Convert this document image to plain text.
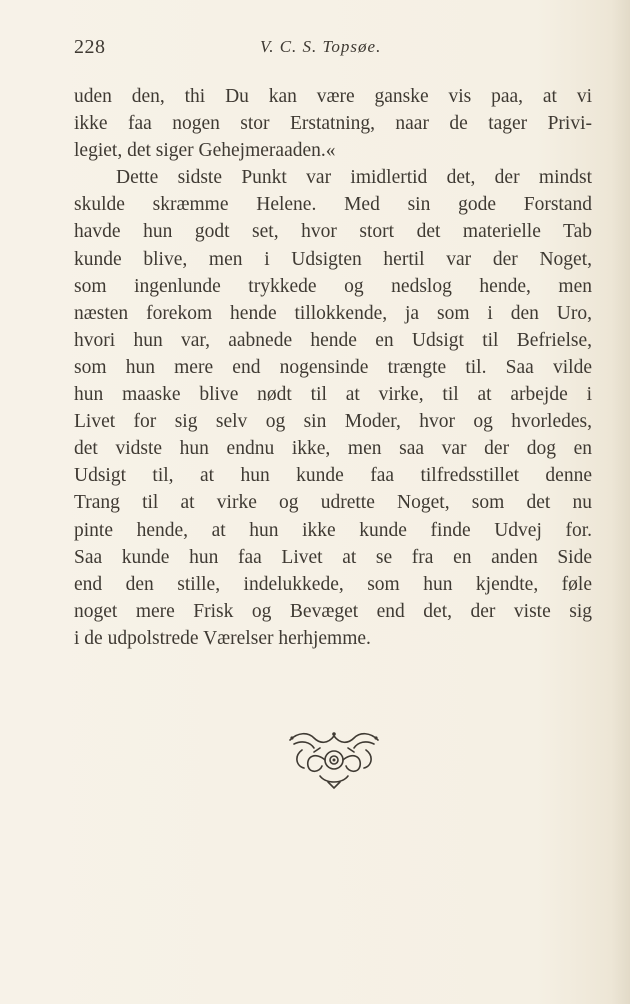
228	V. C. S. Topsøe.
uden den, thi Du kan være ganske vis paa, at vi
ikke faa nogen stor Erstatning, naar de tager Privi-
legiet, det siger Gehejmeraaden.«
Dette sidste Punkt var imidlertid det, der mindst
skulde skræmme Helene. Med sin gode Forstand
havde hun godt set, hvor stort det materielle Tab
kunde blive, men i Udsigten hertil var der Noget,
som ingenlunde trykkede og nedslog hende, men
næsten forekom hende tillokkende, ja som i den Uro,
hvori hun var, aabnede hende en Udsigt til Befrielse,
som hun mere end nogensinde trængte til. Saa vilde
hun maaske blive nødt til at virke, til at arbejde i
Livet for sig selv og sin Moder, hvor og hvorledes,
det vidste hun endnu ikke, men saa var der dog en
Udsigt til, at hun kunde faa tilfredsstillet denne
Trang til at virke og udrette Noget, som det nu
pinte hende, at hun ikke kunde finde Udvej for.
Saa kunde hun faa Livet at se fra en anden Side
end den stille, indelukkede, som hun kjendte, føle
noget mere Frisk og Bevæget end det, der viste sig
i de udpolstrede Værelser herhjemme.
